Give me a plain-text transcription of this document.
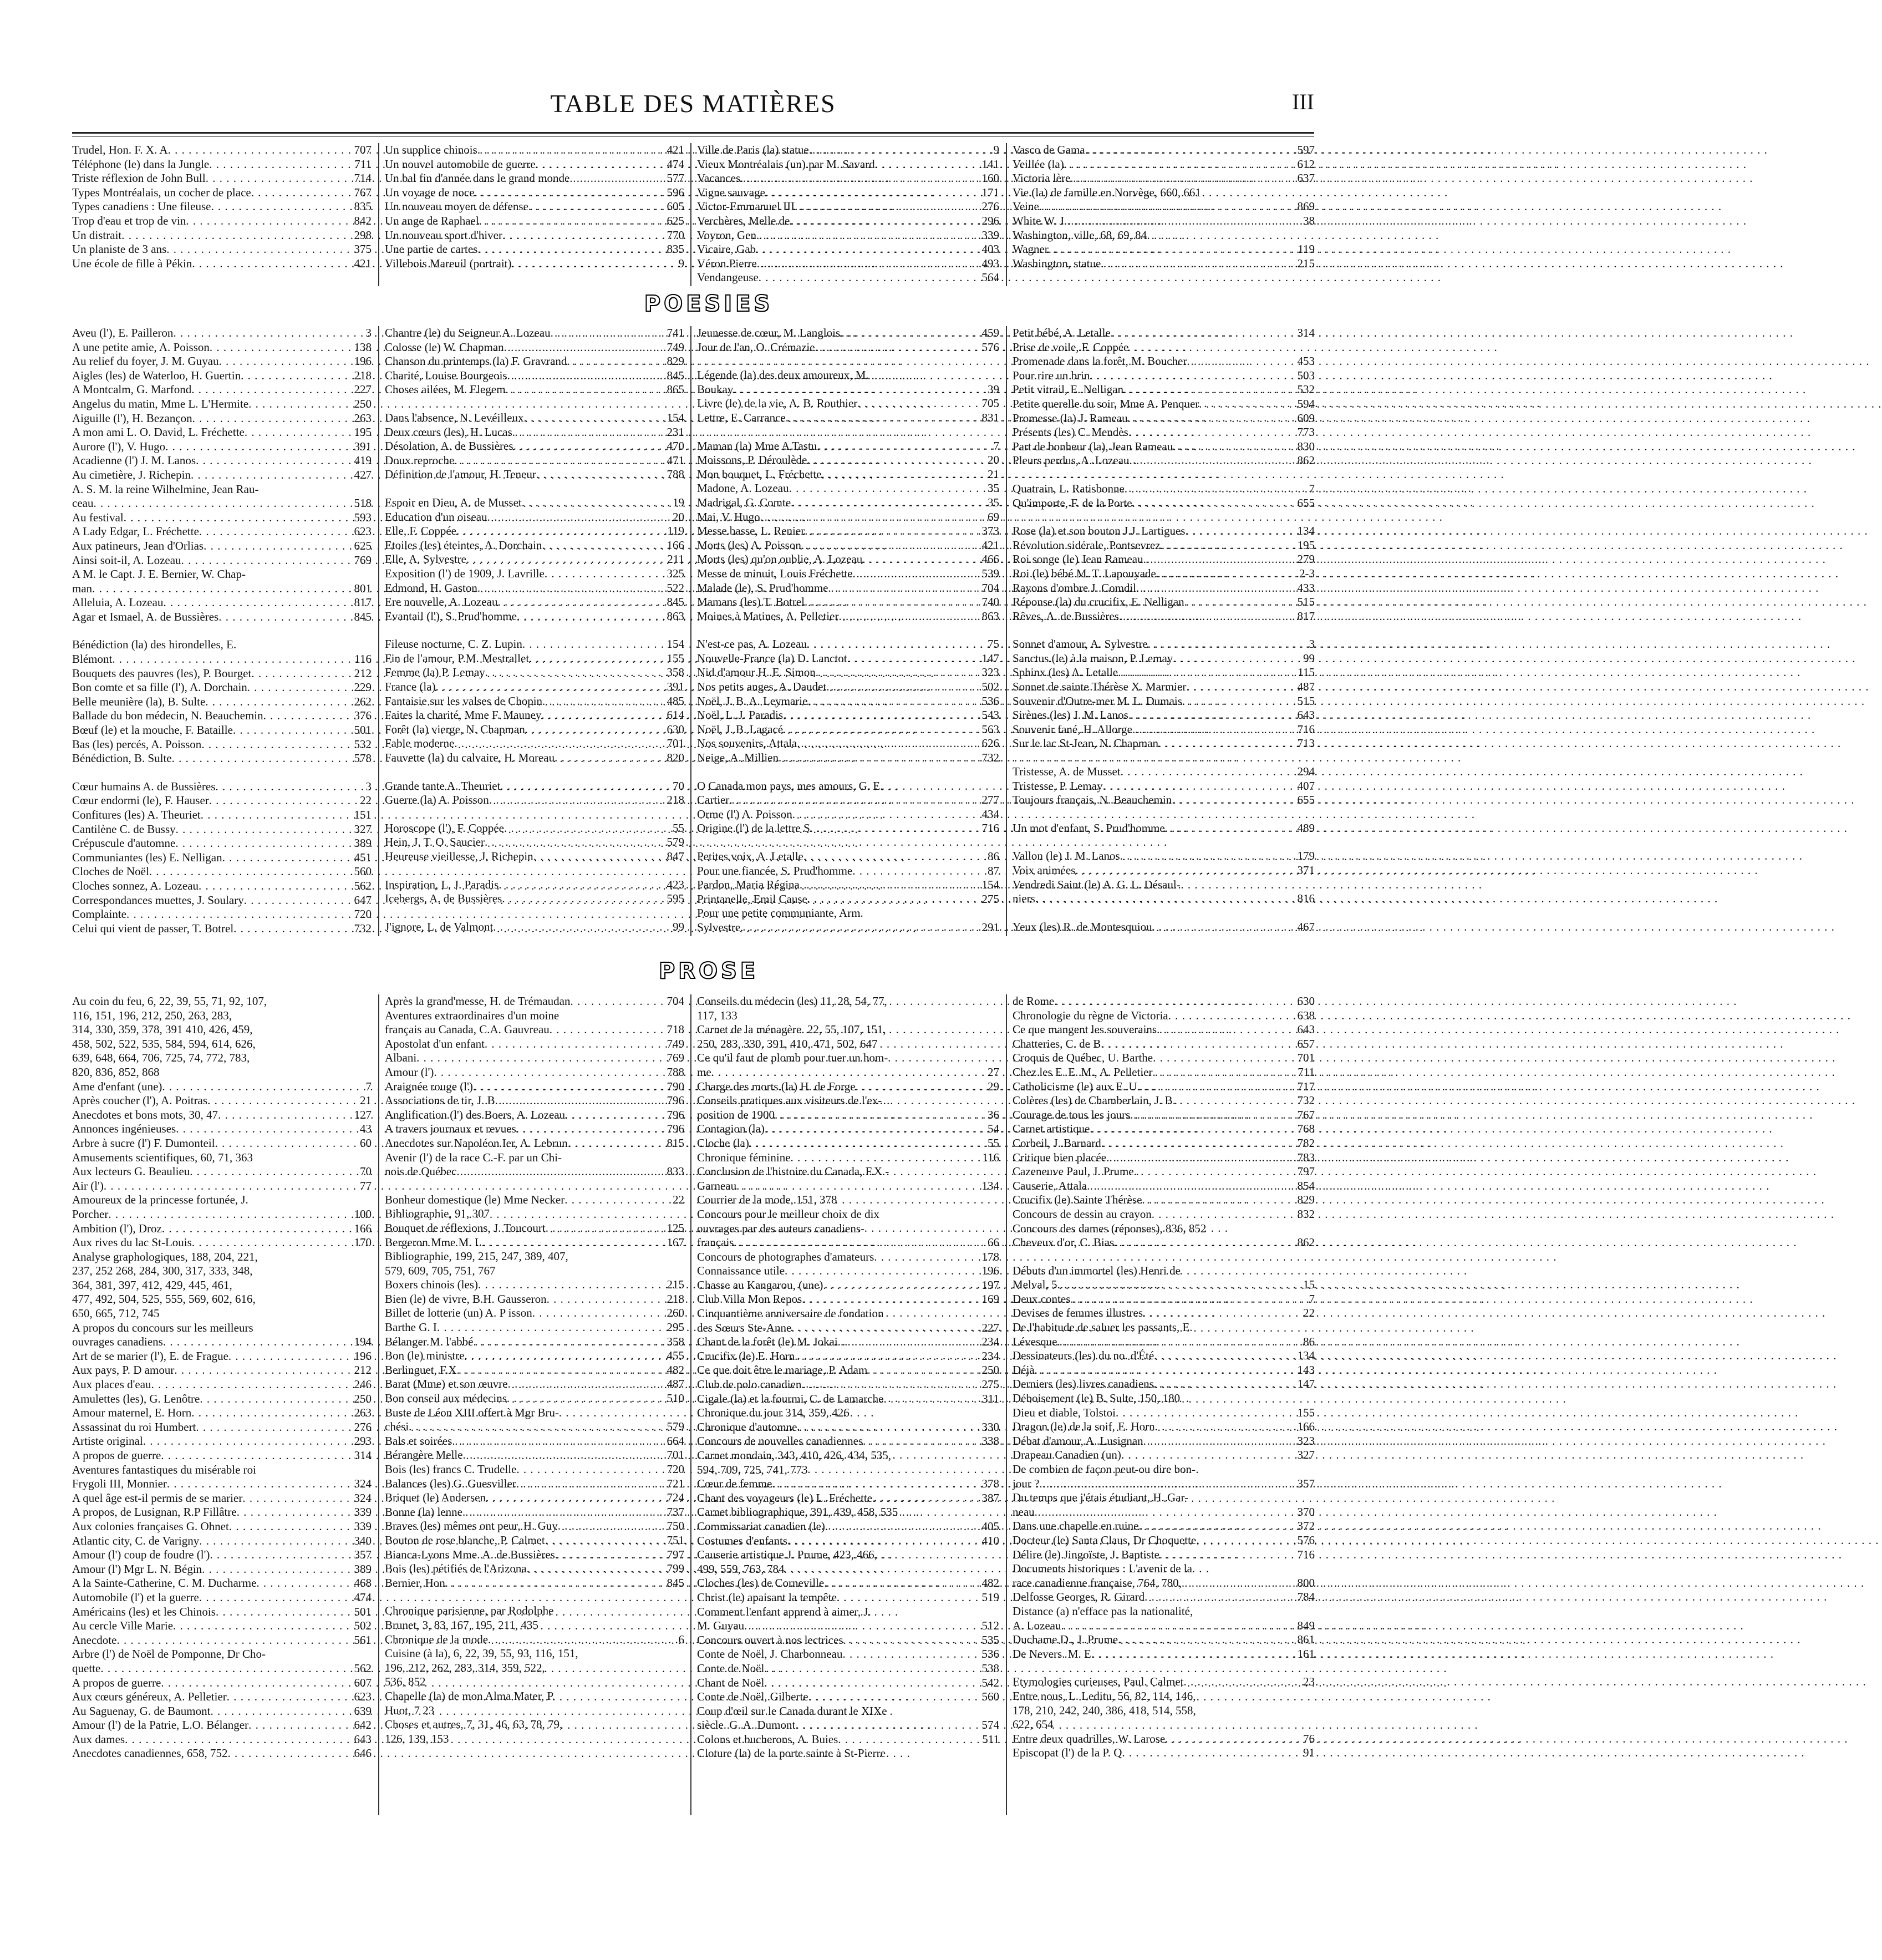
TABLE DES MATIÈRES	III
Trudel, Hon. F. X. A . . .	707
Téléphone (le) dans la Jungle . . .	711
Triste réflexion de John Bull . . .	714
Types Montréalais, un cocher de place . . .	767
Types canadiens : Une fileuse . . .	835
Trop d'eau et trop de vin . . .	842
Un distrait . . .	298
Un planiste de 3 ans . . .	375
Une école de fille à Pékin . . .	421
Un supplice chinois . . .	421
Un nouvel automobile de guerre . . .	474
Un bal fin d'année dans le grand monde . . .	577
Un voyage de noce . . .	596
Un nouveau moyen de défense . . .	605
Un ange de Raphael . . .	625
Un nouveau sport d'hiver . . .	770
Une partie de cartes . . .	835
Villebois Mareuil (portrait) . . .	9
Ville de Paris (la) statue . . .	9
Vieux Montréalais (un) par M. Savard . . .	141
Vacances . . .	160
Vigne sauvage . . .	171
Victor-Emmanuel III . . .	276
Verchères, Melle de . . .	296
Voyron, Gen . . .	339
Vicaire, Gab . . .	403
Véron Pierre . . .	493
Vendangeuse . . .	564
Vasco de Gama . . .	597
Veillée (la) . . .	612
Victoria lère . . .	637
Vie (la) de famille en Norvège, 660, 661
Veine . . .	869
White W. J . . .	38
Washington, ville, 68, 69, 84
Wagner . . .	119
Washington, statue . . .	215
POESIES
Aveu (l'), E. Pailleron . . .	3
A une petite amie, A. Poisson . . .	138
Au relief du foyer, J. M. Guyau . . .	196
Aigles (les) de Waterloo, H. Guertin . . .	218
A Montcalm, G. Marfond . . .	227
Angelus du matin, Mme L. L'Hermite . . .	250
Aiguille (l'), H. Bezançon . . .	263
A mon ami L. O. David, L. Fréchette . . .	195
Aurore (l'), V. Hugo . . .	391
Acadienne (l') J. M. Lanos . . .	419
Au cimetière, J. Richepin . . .	427
A. S. M. la reine Wilhelmine, Jean Rau-
ceau . . .	518
Au festival . . .	593
A Lady Edgar, L. Fréchette . . .	623
Aux patineurs, Jean d'Orlias . . .	625
Ainsi soit-il, A. Lozeau . . .	769
A M. le Capt. J. E. Bernier, W. Chap-
man . . .	801
Alleluia, A. Lozeau . . .	817
Agar et Ismael, A. de Bussières . . .	845
Bénédiction (la) des hirondelles, E.
Blémont . . .	116
Bouquets des pauvres (les), P. Bourget . . .	212
Bon comte et sa fille (l'), A. Dorchain . . .	229
Belle meunière (la), B. Sulte . . .	262
Ballade du bon médecin, N. Beauchemin . . .	376
Bœuf (le) et la mouche, F. Bataille . . .	501
Bas (les) percés, A. Poisson . . .	532
Bénédiction, B. Sulte . . .	578
Cœur humains A. de Bussières . . .	3
Cœur endormi (le), F. Hauser . . .	22
Confitures (les) A. Theuriet . . .	151
Cantilène C. de Bussy . . .	327
Crépuscule d'automne . . .	389
Communiantes (les) E. Nelligan . . .	451
Cloches de Noël . . .	560
Cloches sonnez, A. Lozeau . . .	562
Correspondances muettes, J. Soulary . . .	647
Complainte . . .	720
Celui qui vient de passer, T. Botrel . . .	732
Chantre (le) du Seigneur A. Lozeau . . .	741
Colosse (le) W. Chapman . . .	749
Chanson du printemps (la) F. Gravrand . . .	829
Charité, Louise Bourgeois . . .	845
Choses ailées, M. Elegem . . .	865
Dans l'absence, N. Levéilleux . . .	154
Deux cœurs (les), H. Lucas . . .	231
Désolation, A. de Bussières . . .	470
Doux reproche . . .	471
Définition de l'amour, H. Teneur . . .	788
Espoir en Dieu, A. de Musset . . .	19
Education d'un oiseau . . .	20
Elle, F. Coppée . . .	119
Etoiles (les) éteintes, A. Dorchain . . .	166
Elle, A. Sylvestre . . .	211
Exposition (l') de 1909, J. Lavrille . . .	325
Edmond, H. Gaston . . .	522
Ere nouvelle, A. Lozeau . . .	845
Evantail (l'), S. Prud'homme . . .	863
Fileuse nocturne, C. Z. Lupin . . .	154
Fin de l'amour, P.M. Mestrallet . . .	155
Femme (la) P. Lemay . . .	358
France (la) . . .	391
Fantaisie sur les valses de Chopin . . .	485
Faites la charité, Mme F. Mauney . . .	614
Forêt (la) vierge, N. Chapman . . .	630
Fable moderne . . .	701
Fauvette (la) du calvaire, H. Moreau . . .	820
Grande tante A. Theuriet . . .	70
Guerre (la) A. Poisson . . .	218
Horoscope (l'), F. Coppée . . .	55
Hein, J. T. O. Saucier . . .	579
Heureuse vieillesse, J. Richepin . . .	847
Inspiration, L. J. Paradis . . .	423
Icebergs, A. de Bussières . . .	595
J'ignore, L. de Valmont . . .	99
Jeunesse de cœur, M. Langlois . . .	459
Jour de l'an, O. Crémazie . . .	576
Légende (la) des deux amoureux, M.
Boukay . . .	39
Livre (le) de la vie, A. B. Routhier . . .	705
Lettre, E. Carrance . . .	831
Maman (la) Mme A Tastu . . .	7
Moissons, P. Déroulède . . .	20
Mon bouquet, L. Fréchette . . .	21
Madone, A. Lozeau . . .	35
Madrigal, G. Comte . . .	35
Mai, V. Hugo . . .	69
Messe basse, L. Renier . . .	373
Morts (les) A. Poisson . . .	421
Morts (les) qu'on oublie, A. Lozeau . . .	466
Messe de minuit, Louis Fréchette . . .	539
Malade (le), S. Prud'homme . . .	704
Mamans (les) T. Botrel . . .	740
Moines à Matines, A. Pelletier . . .	863
N'est-ce pas, A. Lozeau . . .	75
Nouvelle-France (la) D. Lanctot . . .	147
Nid d'amour H. E. Simon . . .	323
Nos petits anges, A. Daudet . . .	502
Noël, J. B. A. Leymarie . . .	536
Noël, L. J. Paradis . . .	543
Noël, J. B. Lagacé . . .	563
Nos souvenirs, Attala . . .	626
Neige, A. Millien . . .	732
O Canada mon pays, mes amours, G. E.
Cartier . . .	277
Orme (l') A. Poisson . . .	434
Origine (l') de la lettre S . . .	716
Petites voix, A. Letalle . . .	86
Pour une fiancée, S. Prud'homme . . .	87
Pardon, Maria Régina . . .	154
Printanelle, Emil Cause . . .	275
Pour une petite communiante, Arm.
Sylvestre . . .	291
Petit bébé, A. Letalle . . .	314
Prise de voile, F. Coppée
Promenade dans la forêt, M. Boucher . . .	453
Pour rire un brin . . .	503
Petit vitrail, E. Nelligan . . .	532
Petite querelle du soir, Mme A. Penquer . . .	594
Promesse (la) J. Rameau . . .	609
Présents (les) C. Mendès . . .	773
Part de bonheur (la), Jean Rameau . . .	830
Pleurs perdus, A. Lozeau . . .	862
Quatrain, L. Ratisbonne . . .	7
Qu'importe, F. de la Porte . . .	655
Rose (la) et son bouton J.J. Lartigues . . .	134
Révolution sidérale, Pontsevrez . . .	195
Roi songe (le) Jean Rameau . . .	279
Roi (le) bébé M. T. Lapouyade . . .	2-3
Rayons d'ombre J. Comdil . . .	433
Réponse (la) du crucifix, E. Nelligan . . .	515
Rêves, A. de Bussières . . .	817
Sonnet d'amour, A. Sylvestre . . .	3
Sanctus (le) à la maison, P. Lemay . . .	99
Sphinx (les) A. Letalle . . .	115
Sonnet de sainte Thérèse X. Marmier . . .	487
Souvenir d'Outre-mer M. L. Dumais . . .	515
Sirènes (les) J. M. Lanos . . .	643
Souvenir fané, H. Allorge . . .	716
Sur le lac St-Jean, N. Chapman . . .	713
Tristesse, A. de Musset . . .	294
Tristesse, P. Lemay . . .	407
Toujours français, N. Beauchemin . . .	655
Un mot d'enfant, S. Prud'homme . . .	489
Vallon (le) J. M. Lanos . . .	179
Voix animées . . .	371
Vendredi Saint (le) A. G. L. Désaul-
niers . . .	816
Yeux (les) R. de Montesquiou . . .	467
PROSE
Au coin du feu, 6, 22, 39, 55, 71, 92, 107,
116, 151, 196, 212, 250, 263, 283,
314, 330, 359, 378, 391 410, 426, 459,
458, 502, 522, 535, 584, 594, 614, 626,
639, 648, 664, 706, 725, 74, 772, 783,
820, 836, 852, 868
Ame d'enfant (une) . . .	7
Après coucher (l'), A. Poitras . . .	21
Anecdotes et bons mots, 30, 47 . . .	127
Annonces ingénieuses . . .	43
Arbre à sucre (l') F. Dumonteil . . .	60
Amusements scientifiques, 60, 71, 363
Aux lecteurs G. Beaulieu . . .	70
Air (l') . . .	77
Amoureux de la princesse fortunée, J.
Porcher . . .	100
Ambition (l'), Droz . . .	166
Aux rives du lac St-Louis . . .	170
Analyse graphologiques, 188, 204, 221,
237, 252 268, 284, 300, 317, 333, 348,
364, 381, 397, 412, 429, 445, 461,
477, 492, 504, 525, 555, 569, 602, 616,
650, 665, 712, 745
A propos du concours sur les meilleurs
ouvrages canadiens . . .	194
Art de se marier (l'), E. de Frague . . .	196
Aux pays, P. D amour . . .	212
Aux places d'eau . . .	246
Amulettes (les), G. Lenôtre . . .	250
Amour maternel, E. Horn . . .	263
Assassinat du roi Humbert . . .	276
Artiste original . . .	293
A propos de guerre . . .	314
Aventures fantastiques du misérable roi
Frygoli III, Monnier . . .	324
A quel âge est-il permis de se marier . . .	324
A propos, de Lusignan, R.P Fillâtre . . .	339
Aux colonies françaises G. Ohnet . . .	339
Atlantic city, C. de Varigny . . .	340
Amour (l') coup de foudre (l') . . .	357
Amour (l') Mgr L. N. Bégin . . .	389
A la Sainte-Catherine, C. M. Ducharme . . .	468
Automobile (l') et la guerre . . .	474
Américains (les) et les Chinois . . .	501
Au cercle Ville Marie . . .	502
Anecdote . . .	561
Arbre (l') de Noël de Pomponne, Dr Cho-
quette . . .	562
A propos de guerre . . .	607
Aux cœurs généreux, A. Pelletier . . .	623
Au Saguenay, G. de Baumont . . .	639
Amour (l') de la Patrie, L.O. Bélanger . . .	642
Aux dames . . .	643
Anecdotes canadiennes, 658, 752 . . .	646
Après la grand'messe, H. de Trémaudan . . .	704
Aventures extraordinaires d'un moine
français au Canada, C.A. Gauvreau . . .	718
Apostolat d'un enfant . . .	749
Albani . . .	769
Amour (l') . . .	788
Araignée rouge (l') . . .	790
Associations de tir, J. B . . .	796
Anglification (l') des Boers, A. Lozeau . . .	796
A travers journaux et revues . . .	796
Anecdotes sur Napoléon Ier, A. Lebrun . . .	815
Avenir (l') de la race C.-F. par un Chi-
nois de Québec . . .	833
Bonheur domestique (le) Mme Necker . . .	22
Bibliographie, 91, 307
Bouquet de réflexions, J. Toucourt . . .	125
Bergeron Mme M. L . . .	167
Bibliographie, 199, 215, 247, 389, 407,
579, 609, 705, 751, 767
Boxers chinois (les) . . .	215
Bien (le) de vivre, B.H. Gausseron . . .	218
Billet de lotterie (un) A. P isson . . .	260
Barthe G. I . . .	295
Bélanger M. l'abbé . . .	358
Bon (le) ministre . . .	455
Berlinguet, F.X . . .	482
Barat (Mme) et son œuvre . . .	487
Bon conseil aux médecins . . .	510
Buste de Léon XIII offert à Mgr Bru-
chési . . .	579
Bals et soirées . . .	664
Bérangère Melle . . .	701
Bois (les) francs C. Trudelle . . .	720
Balances (les) G. Guesviller . . .	721
Briquet (le) Andersen . . .	724
Bonne (la) lenne . . .	737
Braves (les) mêmes ont peur, H. Guy . . .	750
Bouton de rose blanche, P. Calmet . . .	751
Bianca-Lyons Mme. A. de Bussières . . .	797
Bois (les) pétifiés de l'Arizona . . .	799
Bernier, Hon . . .	845
Chronique parisienne, par Rodolphe
Brunet, 3, 83, 167, 195, 211, 435
Chronique de la mode . . .	6
Cuisine (à la), 6, 22, 39, 55, 93, 116, 151,
196, 212, 262, 283, 314, 359, 522,
536, 852
Chapelle (la) de mon Alma Mater, P.
Huot, 7 23
Choses et autres, 7, 31, 46, 63, 78, 79,
126, 139, 153
Conseils du médecin (les) 11, 28, 54, 77,
117, 133
Carnet de la ménagère. 22, 55, 107, 151,
250, 283, 330, 391, 410, 471, 502, 647
Ce qu'il faut de plomb pour tuer un hom-
me . . .	27
Charge des morts (la) H. de Forge . . .	29
Conseils pratiques aux visiteurs de l'ex-
position de 1900 . . .	36
Contagion (la) . . .	54
Cloche (la) . . .	55
Chronique féminine . . .	116
Conclusion de l'histoire du Canada, F.X.-
Garneau . . .	134
Courrier de la mode, 151, 378
Concours pour le meilleur choix de dix
ouvrages par des auteurs canadiens-
français . . .	66
Concours de photographes d'amateurs . . .	178
Connaissance utile . . .	196
Chasse au Kangarou, (une) . . .	197
Club Villa Mon Repos . . .	169
Cinquantième anniversaire de fondation
des Sœurs Ste-Anne . . .	227
Chant de la forêt (le) M. Jokai . . .	234
Crucifix (le) E. Horn . . .	234
Ce que doit être le mariage, P. Adam . . .	250
Club de polo canadien . . .	275
Cigale (la) et la fourmi, C. de Lamarche . . .	311
Chronique du jour 314, 359, 426
Chronique d'automne . . .	330
Concours de nouvelles canadiennes . . .	338
Carnet mondain, 343, 410, 426, 434, 535,
594, 709, 725, 741, 773
Cœur de femme . . .	378
Chant des voyageurs (le) L. Fréchette . . .	387
Carnet bibliographique, 391, 439, 458, 535
Commissariat canadien (le) . . .	405
Costumes d'enfants . . .	410
Causerie artistique J. Prume, 423, 466,
499, 559, 763, 784
Cloches (les) de Corneville . . .	482
Christ (le) apaisant la tempête . . .	519
Comment l'enfant apprend à aimer, J.
M. Guyau . . .	512
Concours ouvert à nos lectrices . . .	535
Conte de Noël, J. Charbonneau . . .	536
Conte de Noël . . .	538
Chant de Noël . . .	542
Conte de Noël, Gilberte . . .	560
Coup d'œil sur le Canada durant le XIXe
siècle. G. A. Dumont . . .	574
Colons et bucherons, A. Buies . . .	511
Cloture (la) de la porte sainte à St-Pierre
de Rome . . .	630
Chronologie du règne de Victoria . . .	638
Ce que mangent les souverains . . .	643
Chatteries, C. de B . . .	657
Croquis de Québec, U. Barthe . . .	701
Chez les E. E. M., A. Pelletier . . .	711
Catholicisme (le) aux E. U . . .	717
Colères (les) de Chamberlain, J. B . . .	732
Courage de tous les jours . . .	767
Carnet artistique . . .	768
Corbeil, J. Barnard . . .	782
Critique bien placée . . .	783
Cazeneuve Paul, J. Prume . . .	797
Causerie, Attala . . .	854
Crucifix (le) Sainte Thérèse . . .	829
Concours de dessin au crayon . . .	832
Concours des dames (réponses), 836, 852
Cheveux d'or, C. Bias . . .	862
Débuts d'un immortel (les) Henri de
Melval, 5 . . .	15
Deux contes . . .	7
Devises de femmes illustres . . .	22
De l'habitude de saluer les passants, E.
Lévesque . . .	86
Dessinateurs (les) du no. d'Été . . .	134
Déjà . . .	143
Derniers (les) livres canadiens . . .	147
Déboisement (le) B. Sulte, 150, 180
Dieu et diable, Tolstoi . . .	155
Dragon (le) de la soif, E. Horn . . .	166
Débat d'amour, A. Lusignan . . .	323
Drapeau Canadien (un) . . .	327
De combien de façon peut-ou dire bon-
jour ? . . .	357
Du temps que j'étais étudiant, H. Gar-
neau . . .	370
Dans une chapelle en ruine . . .	372
Docteur (le) Santa Claus, Dr Choquette . . .	576
Délire (le) Jingoïste, J. Baptiste . . .	716
Documents historiques : L'avenir de la
race canadienne française, 764, 780, . . .	800
Delfosse Georges, R. Girard . . .	784
Distance (a) n'efface pas la nationalité,
A. Lozeau . . .	849
Duchame D., J. Prume . . .	861
De Nevers. M. E . . .	161
Etymologies curieuses, Paul. Calmet . . .	23
Entre nous, L. Leditu, 56, 82, 114, 146,
178, 210, 242, 240, 386, 418, 514, 558,
622, 654
Entre deux quadrilles, W. Larose . . .	76
Episcopat (l') de la P. Q . . .	91
